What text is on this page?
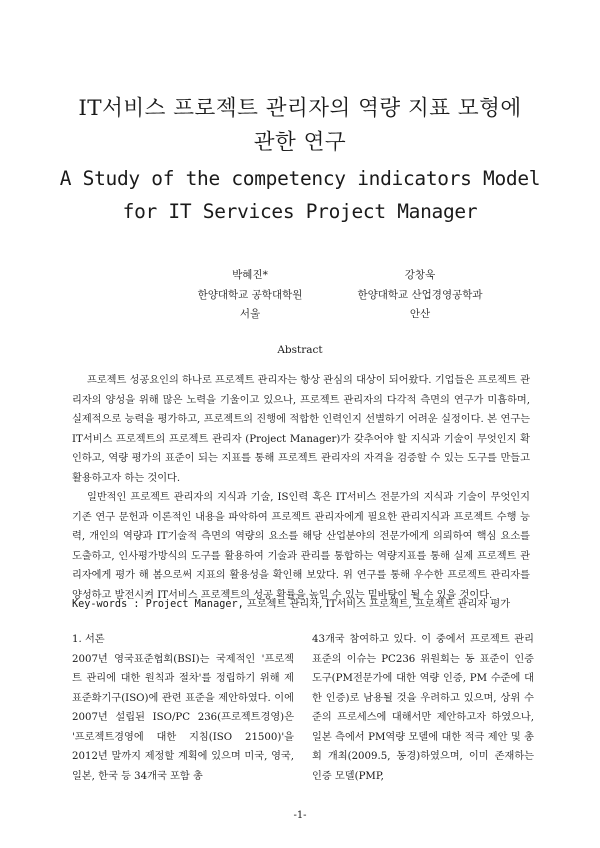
IT서비스 프로젝트 관리자의 역량 지표 모형에
관한 연구
A Study of the competency indicators Model
for IT Services Project Manager
박혜진*
한양대학교 공학대학원
서울
강창욱
한양대학교 산업경영공학과
안산
Abstract

프로젝트 성공요인의 하나로 프로젝트 관리자는 항상 관심의 대상이 되어왔다. 기업들은 프로젝트 관리자의 양성을 위해 많은 노력을 기울이고 있으나, 프로젝트 관리자의 다각적 측면의 연구가 미흡하며, 실제적으로 능력을 평가하고, 프로젝트의 진행에 적합한 인력인지 선별하기 어려운 실정이다. 본 연구는 IT서비스 프로젝트의 프로젝트 관리자 (Project Manager)가 갖추어야 할 지식과 기술이 무엇인지 확인하고, 역량 평가의 표준이 되는 지표를 통해 프로젝트 관리자의 자격을 검증할 수 있는 도구를 만들고 활용하고자 하는 것이다.

일반적인 프로젝트 관리자의 지식과 기술, IS인력 혹은 IT서비스 전문가의 지식과 기술이 무엇인지 기존 연구 문헌과 이론적인 내용을 파악하여 프로젝트 관리자에게 필요한 관리지식과 프로젝트 수행 능력, 개인의 역량과 IT기술적 측면의 역량의 요소를 해당 산업분야의 전문가에게 의뢰하여 핵심 요소를 도출하고, 인사평가방식의 도구를 활용하여 기술과 관리를 통합하는 역량지표를 통해 실제 프로젝트 관리자에게 평가 해 봄으로써 지표의 활용성을 확인해 보았다. 위 연구를 통해 우수한 프로젝트 관리자를 양성하고 발전시켜 IT서비스 프로젝트의 성공 확률을 높일 수 있는 밑바탕이 될 수 있을 것이다.

Key-words : Project Manager, 프로젝트 관리자, IT서비스 프로젝트, 프로젝트 관리자 평가
1. 서론

2007년 영국표준협회(BSI)는 국제적인 '프로젝트 관리에 대한 원칙과 절차'를 정립하기 위해 제표준화기구(ISO)에 관련 표준을 제안하였다. 이에 2007년 설립된 ISO/PC 236(프로젝트경영)은 '프로젝트경영에 대한 지침(ISO 21500)'을 2012년 말까지 제정할 계획에 있으며 미국, 영국, 일본, 한국 등 34개국 포함 총

43개국 참여하고 있다. 이 중에서 프로젝트 관리 표준의 이슈는 PC236 위원회는 동 표준이 인증 도구(PM전문가에 대한 역량 인증, PM 수준에 대한 인증)로 남용될 것을 우려하고 있으며, 상위 수준의 프로세스에 대해서만 제안하고자 하였으나, 일본 측에서 PM역량 모델에 대한 적극 제안 및 총회 개최(2009.5, 동경)하였으며, 이미 존재하는 인증 모델(PMP,

-1-
